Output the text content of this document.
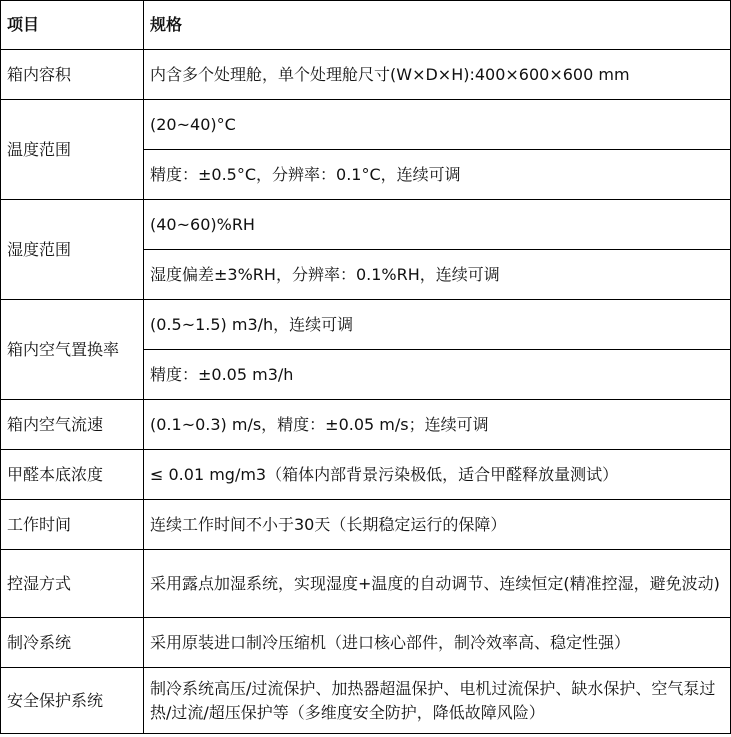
项目	规格
箱内容积	内含多个处理舱，单个处理舱尺寸(W×D×H):400×600×600 mm
温度范围	(20~40)°C
	精度：±0.5°C，分辨率：0.1°C，连续可调
湿度范围	(40~60)%RH
	湿度偏差±3%RH，分辨率：0.1%RH，连续可调
箱内空气置换率	(0.5~1.5) m3/h，连续可调
	精度：±0.05 m3/h
箱内空气流速	(0.1~0.3) m/s，精度：±0.05 m/s；连续可调
甲醛本底浓度	≤ 0.01 mg/m3（箱体内部背景污染极低，适合甲醛释放量测试）
工作时间	连续工作时间不小于30天（长期稳定运行的保障）
控湿方式	采用露点加湿系统，实现湿度+温度的自动调节、连续恒定(精准控湿，避免波动)
制冷系统	采用原装进口制冷压缩机（进口核心部件，制冷效率高、稳定性强）
安全保护系统	制冷系统高压/过流保护、加热器超温保护、电机过流保护、缺水保护、空气泵过热/过流/超压保护等（多维度安全防护，降低故障风险）
